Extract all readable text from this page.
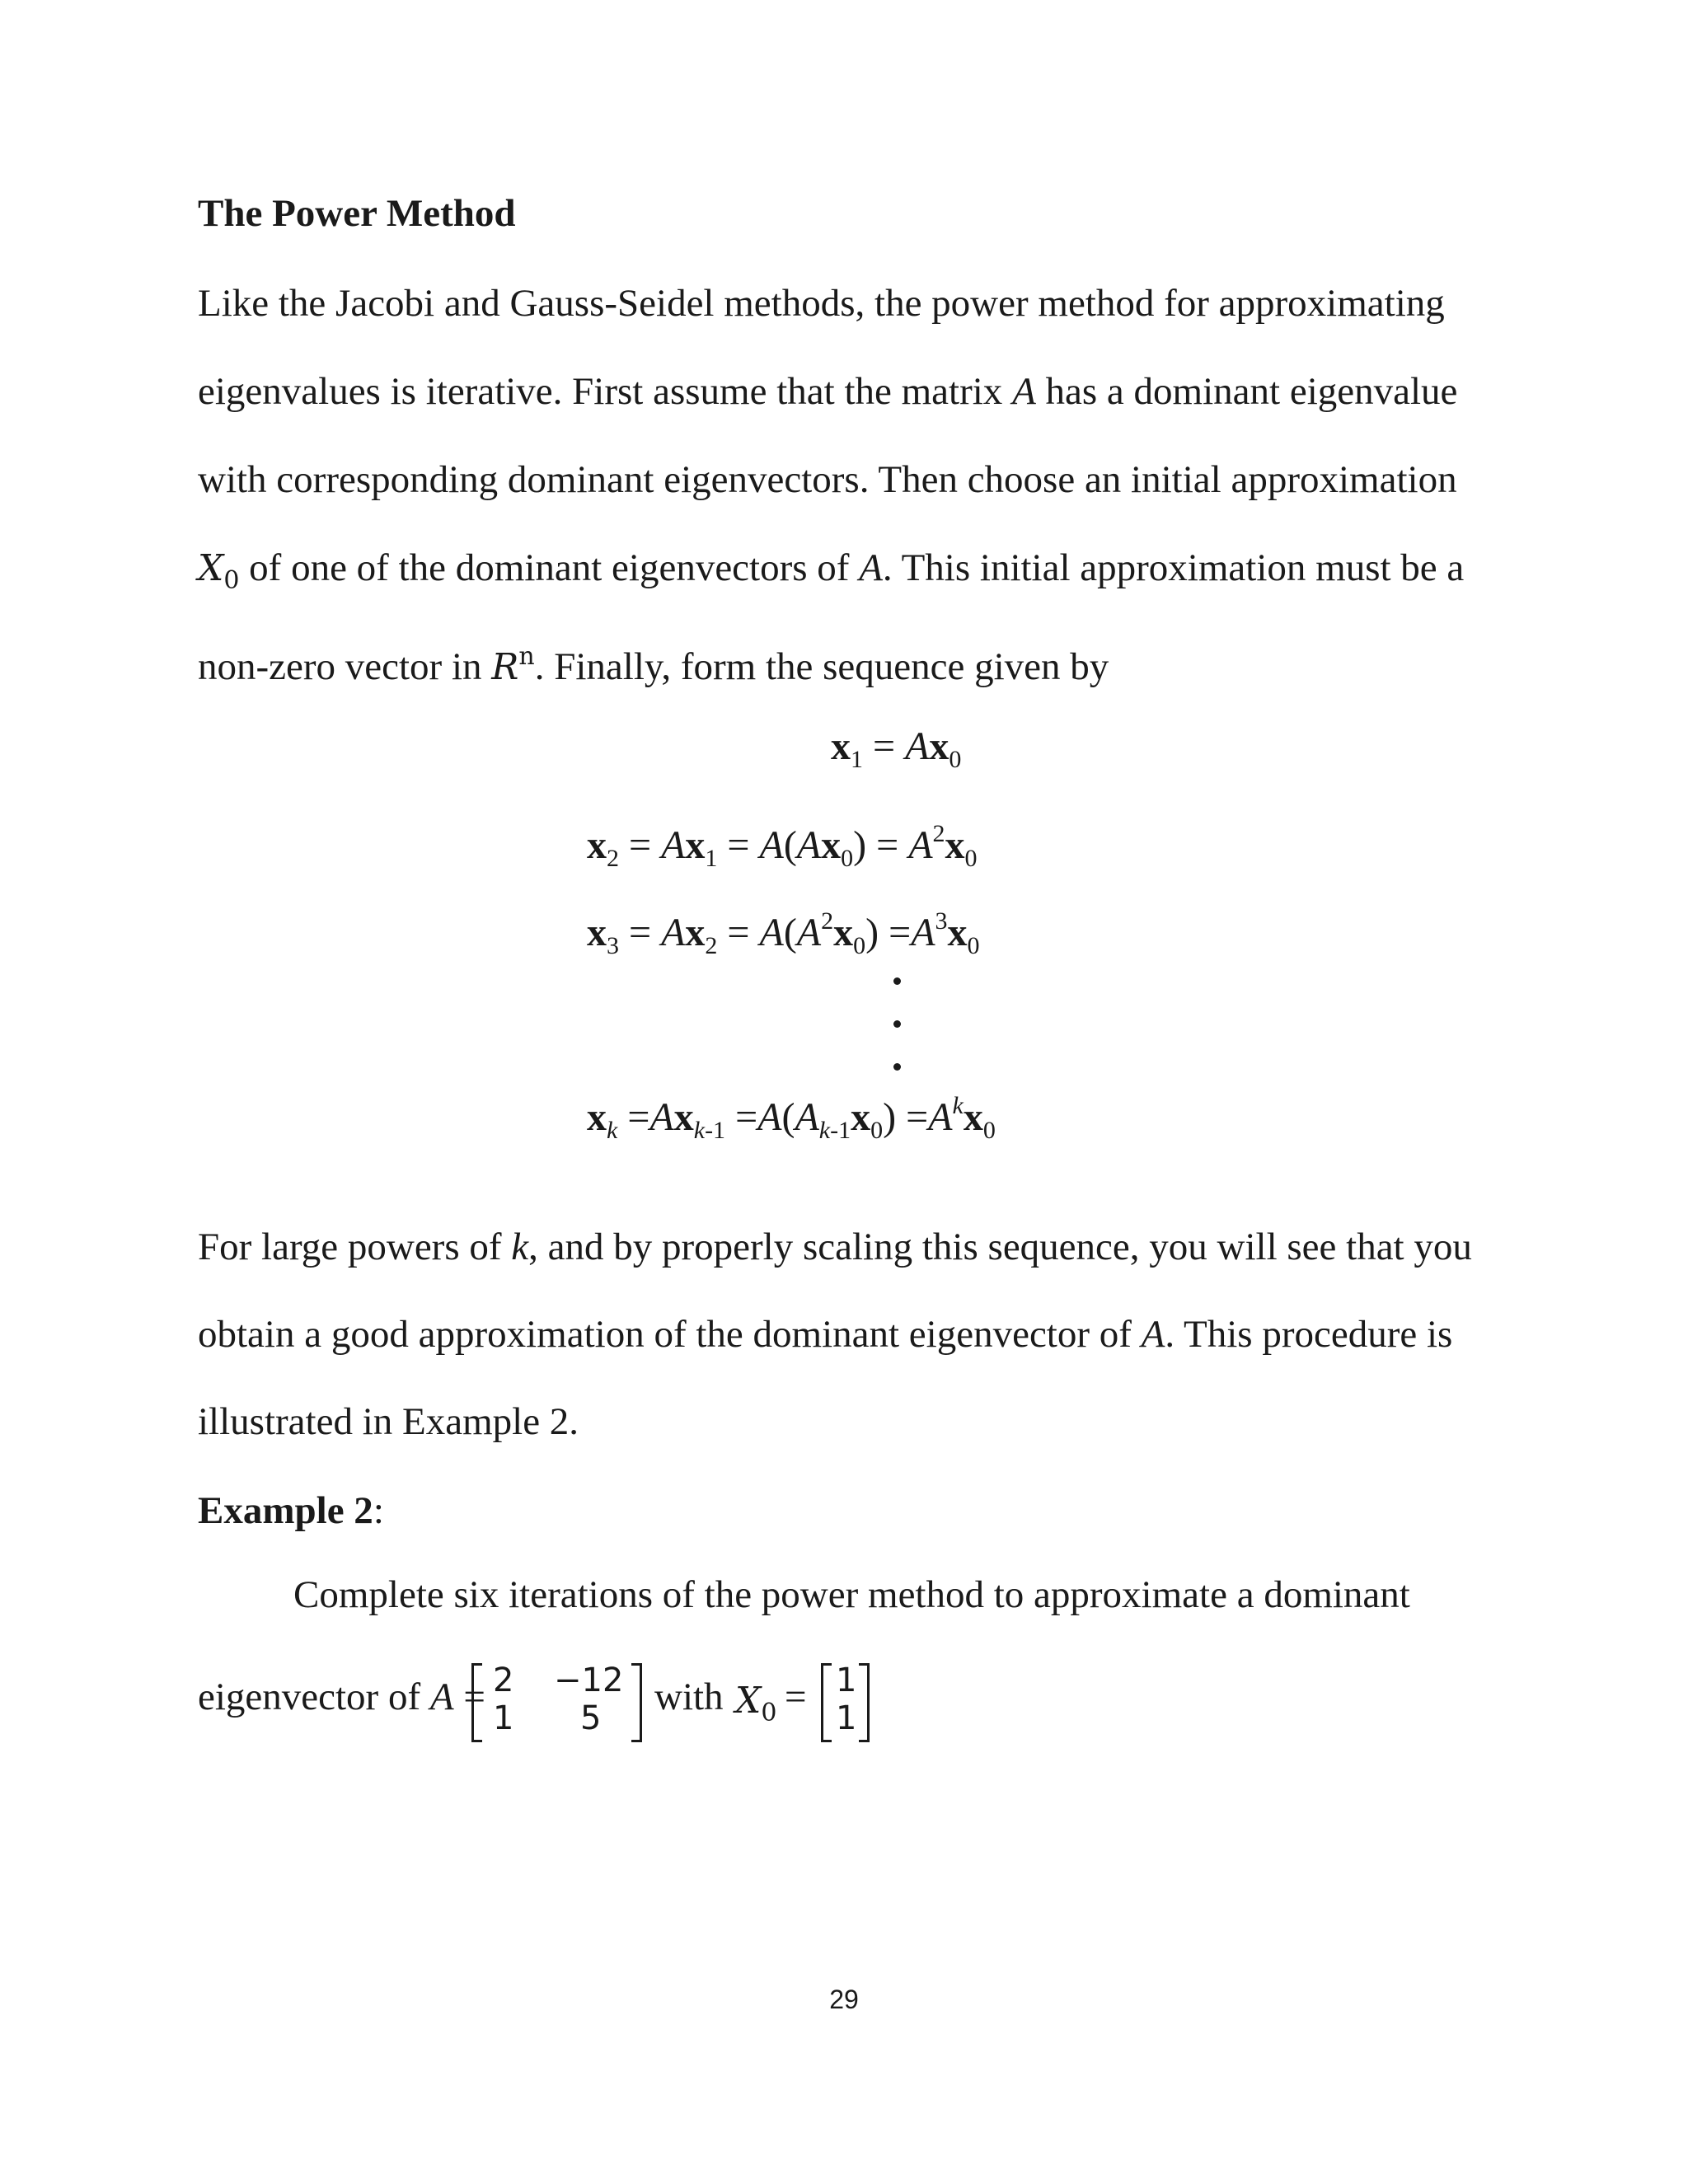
The Power Method
Like the Jacobi and Gauss-Seidel methods, the power method for approximating
eigenvalues is iterative. First assume that the matrix A has a dominant eigenvalue
with corresponding dominant eigenvectors. Then choose an initial approximation
$X_0$ of one of the dominant eigenvectors of A. This initial approximation must be a
non-zero vector in $R^n$. Finally, form the sequence given by
$x_1 = Ax_0$
$x_2 = Ax_1 = A(Ax_0) = A^2x_0$
$x_3 = Ax_2 = A(A^2x_0) =A^3x_0$
$x_k =Ax_{k-1} =A(A_{k-1}x_0) =A^kx_0$
For large powers of k, and by properly scaling this sequence, you will see that you
obtain a good approximation of the dominant eigenvector of A. This procedure is
illustrated in Example 2.
Example 2:
Complete six iterations of the power method to approximate a dominant
eigenvector of A = 2 −12
1 5 with $X_0 = 1$
1
29
